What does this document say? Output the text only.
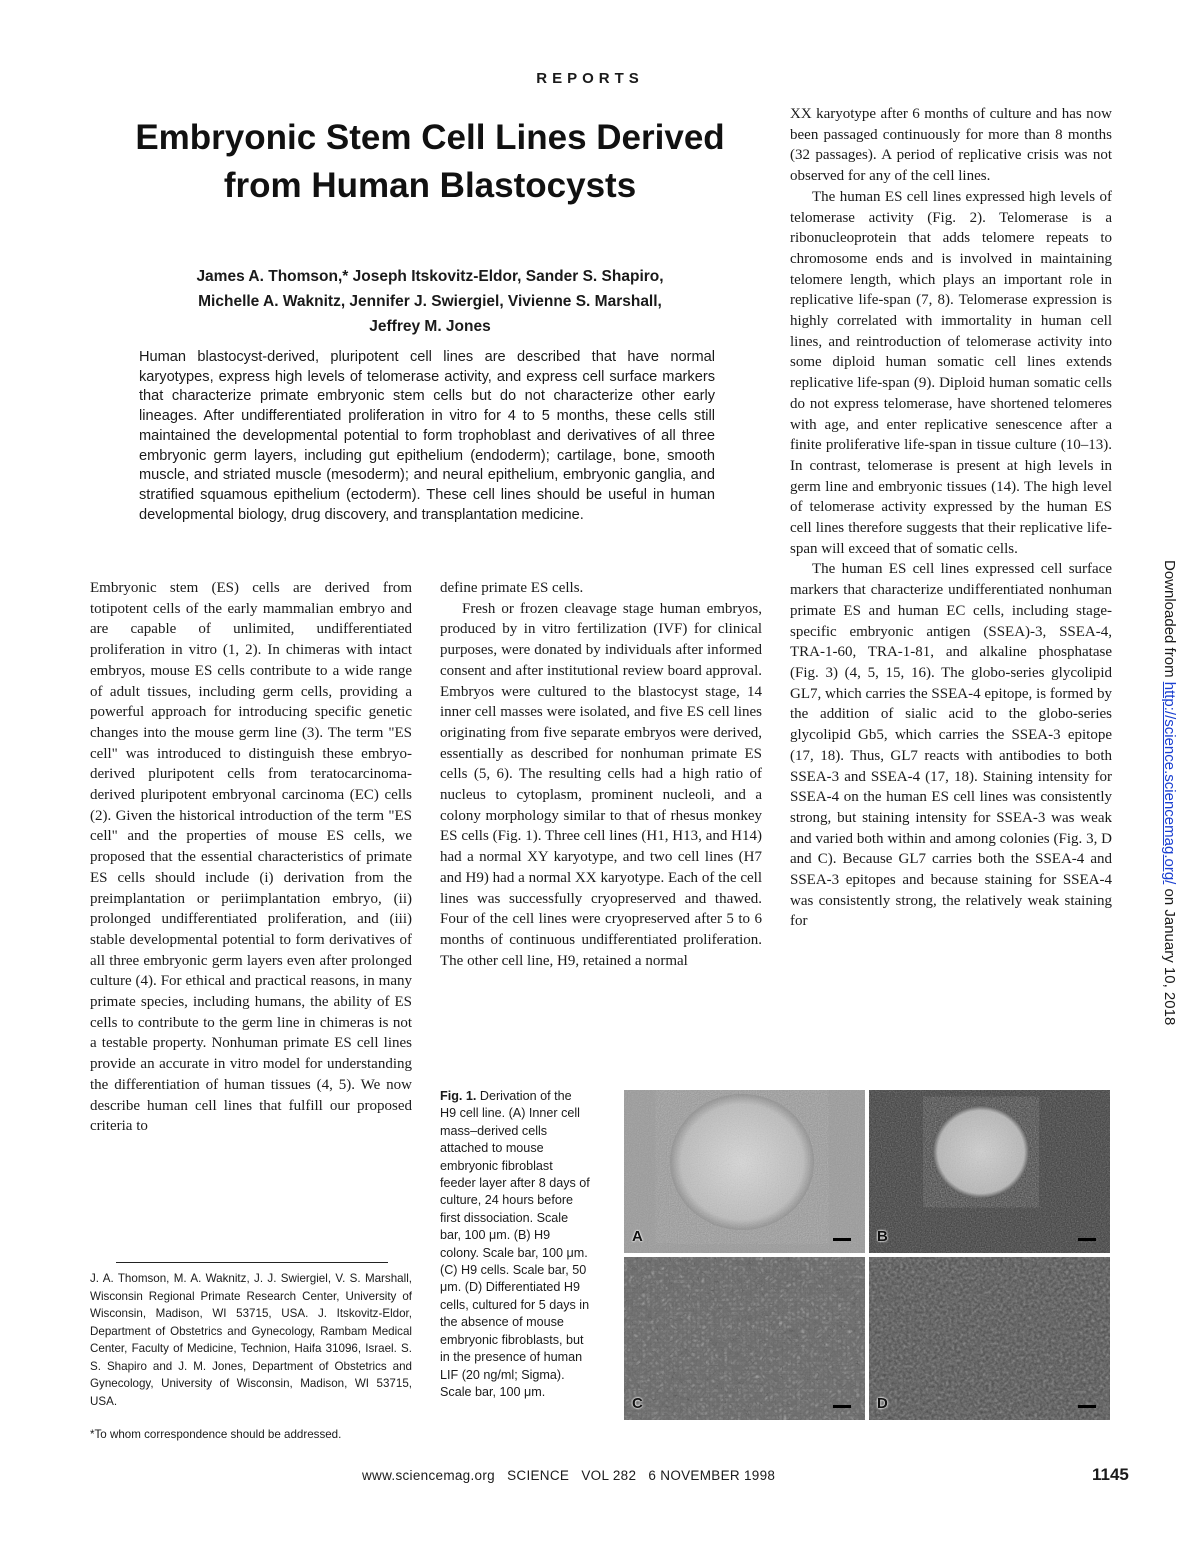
REPORTS
Embryonic Stem Cell Lines Derived from Human Blastocysts
James A. Thomson,* Joseph Itskovitz-Eldor, Sander S. Shapiro,
Michelle A. Waknitz, Jennifer J. Swiergiel, Vivienne S. Marshall,
Jeffrey M. Jones
Human blastocyst-derived, pluripotent cell lines are described that have normal karyotypes, express high levels of telomerase activity, and express cell surface markers that characterize primate embryonic stem cells but do not characterize other early lineages. After undifferentiated proliferation in vitro for 4 to 5 months, these cells still maintained the developmental potential to form trophoblast and derivatives of all three embryonic germ layers, including gut epithelium (endoderm); cartilage, bone, smooth muscle, and striated muscle (mesoderm); and neural epithelium, embryonic ganglia, and stratified squamous epithelium (ectoderm). These cell lines should be useful in human developmental biology, drug discovery, and transplantation medicine.

Embryonic stem (ES) cells are derived from totipotent cells of the early mammalian embryo and are capable of unlimited, undifferentiated proliferation in vitro (1, 2). In chimeras with intact embryos, mouse ES cells contribute to a wide range of adult tissues, including germ cells, providing a powerful approach for introducing specific genetic changes into the mouse germ line (3). The term "ES cell" was introduced to distinguish these embryo-derived pluripotent cells from teratocarcinoma-derived pluripotent embryonal carcinoma (EC) cells (2). Given the historical introduction of the term "ES cell" and the properties of mouse ES cells, we proposed that the essential characteristics of primate ES cells should include (i) derivation from the preimplantation or periimplantation embryo, (ii) prolonged undifferentiated proliferation, and (iii) stable developmental potential to form derivatives of all three embryonic germ layers even after prolonged culture (4). For ethical and practical reasons, in many primate species, including humans, the ability of ES cells to contribute to the germ line in chimeras is not a testable property. Nonhuman primate ES cell lines provide an accurate in vitro model for understanding the differentiation of human tissues (4, 5). We now describe human cell lines that fulfill our proposed criteria to

define primate ES cells.

Fresh or frozen cleavage stage human embryos, produced by in vitro fertilization (IVF) for clinical purposes, were donated by individuals after informed consent and after institutional review board approval. Embryos were cultured to the blastocyst stage, 14 inner cell masses were isolated, and five ES cell lines originating from five separate embryos were derived, essentially as described for nonhuman primate ES cells (5, 6). The resulting cells had a high ratio of nucleus to cytoplasm, prominent nucleoli, and a colony morphology similar to that of rhesus monkey ES cells (Fig. 1). Three cell lines (H1, H13, and H14) had a normal XY karyotype, and two cell lines (H7 and H9) had a normal XX karyotype. Each of the cell lines was successfully cryopreserved and thawed. Four of the cell lines were cryopreserved after 5 to 6 months of continuous undifferentiated proliferation. The other cell line, H9, retained a normal

XX karyotype after 6 months of culture and has now been passaged continuously for more than 8 months (32 passages). A period of replicative crisis was not observed for any of the cell lines.

The human ES cell lines expressed high levels of telomerase activity (Fig. 2). Telomerase is a ribonucleoprotein that adds telomere repeats to chromosome ends and is involved in maintaining telomere length, which plays an important role in replicative life-span (7, 8). Telomerase expression is highly correlated with immortality in human cell lines, and reintroduction of telomerase activity into some diploid human somatic cell lines extends replicative life-span (9). Diploid human somatic cells do not express telomerase, have shortened telomeres with age, and enter replicative senescence after a finite proliferative life-span in tissue culture (10–13). In contrast, telomerase is present at high levels in germ line and embryonic tissues (14). The high level of telomerase activity expressed by the human ES cell lines therefore suggests that their replicative life-span will exceed that of somatic cells.

The human ES cell lines expressed cell surface markers that characterize undifferentiated nonhuman primate ES and human EC cells, including stage-specific embryonic antigen (SSEA)-3, SSEA-4, TRA-1-60, TRA-1-81, and alkaline phosphatase (Fig. 3) (4, 5, 15, 16). The globo-series glycolipid GL7, which carries the SSEA-4 epitope, is formed by the addition of sialic acid to the globo-series glycolipid Gb5, which carries the SSEA-3 epitope (17, 18). Thus, GL7 reacts with antibodies to both SSEA-3 and SSEA-4 (17, 18). Staining intensity for SSEA-4 on the human ES cell lines was consistently strong, but staining intensity for SSEA-3 was weak and varied both within and among colonies (Fig. 3, D and C). Because GL7 carries both the SSEA-4 and SSEA-3 epitopes and because staining for SSEA-4 was consistently strong, the relatively weak staining for

J. A. Thomson, M. A. Waknitz, J. J. Swiergiel, V. S. Marshall, Wisconsin Regional Primate Research Center, University of Wisconsin, Madison, WI 53715, USA. J. Itskovitz-Eldor, Department of Obstetrics and Gynecology, Rambam Medical Center, Faculty of Medicine, Technion, Haifa 31096, Israel. S. S. Shapiro and J. M. Jones, Department of Obstetrics and Gynecology, University of Wisconsin, Madison, WI 53715, USA.
*To whom correspondence should be addressed.
Fig. 1. Derivation of the H9 cell line. (A) Inner cell mass–derived cells attached to mouse embryonic fibroblast feeder layer after 8 days of culture, 24 hours before first dissociation. Scale bar, 100 μm. (B) H9 colony. Scale bar, 100 μm. (C) H9 cells. Scale bar, 50 μm. (D) Differentiated H9 cells, cultured for 5 days in the absence of mouse embryonic fibroblasts, but in the presence of human LIF (20 ng/ml; Sigma). Scale bar, 100 μm.
A	B
C	D
www.sciencemag.org   SCIENCE   VOL 282   6 NOVEMBER 1998	1145
Downloaded from http://science.sciencemag.org/ on January 10, 2018
